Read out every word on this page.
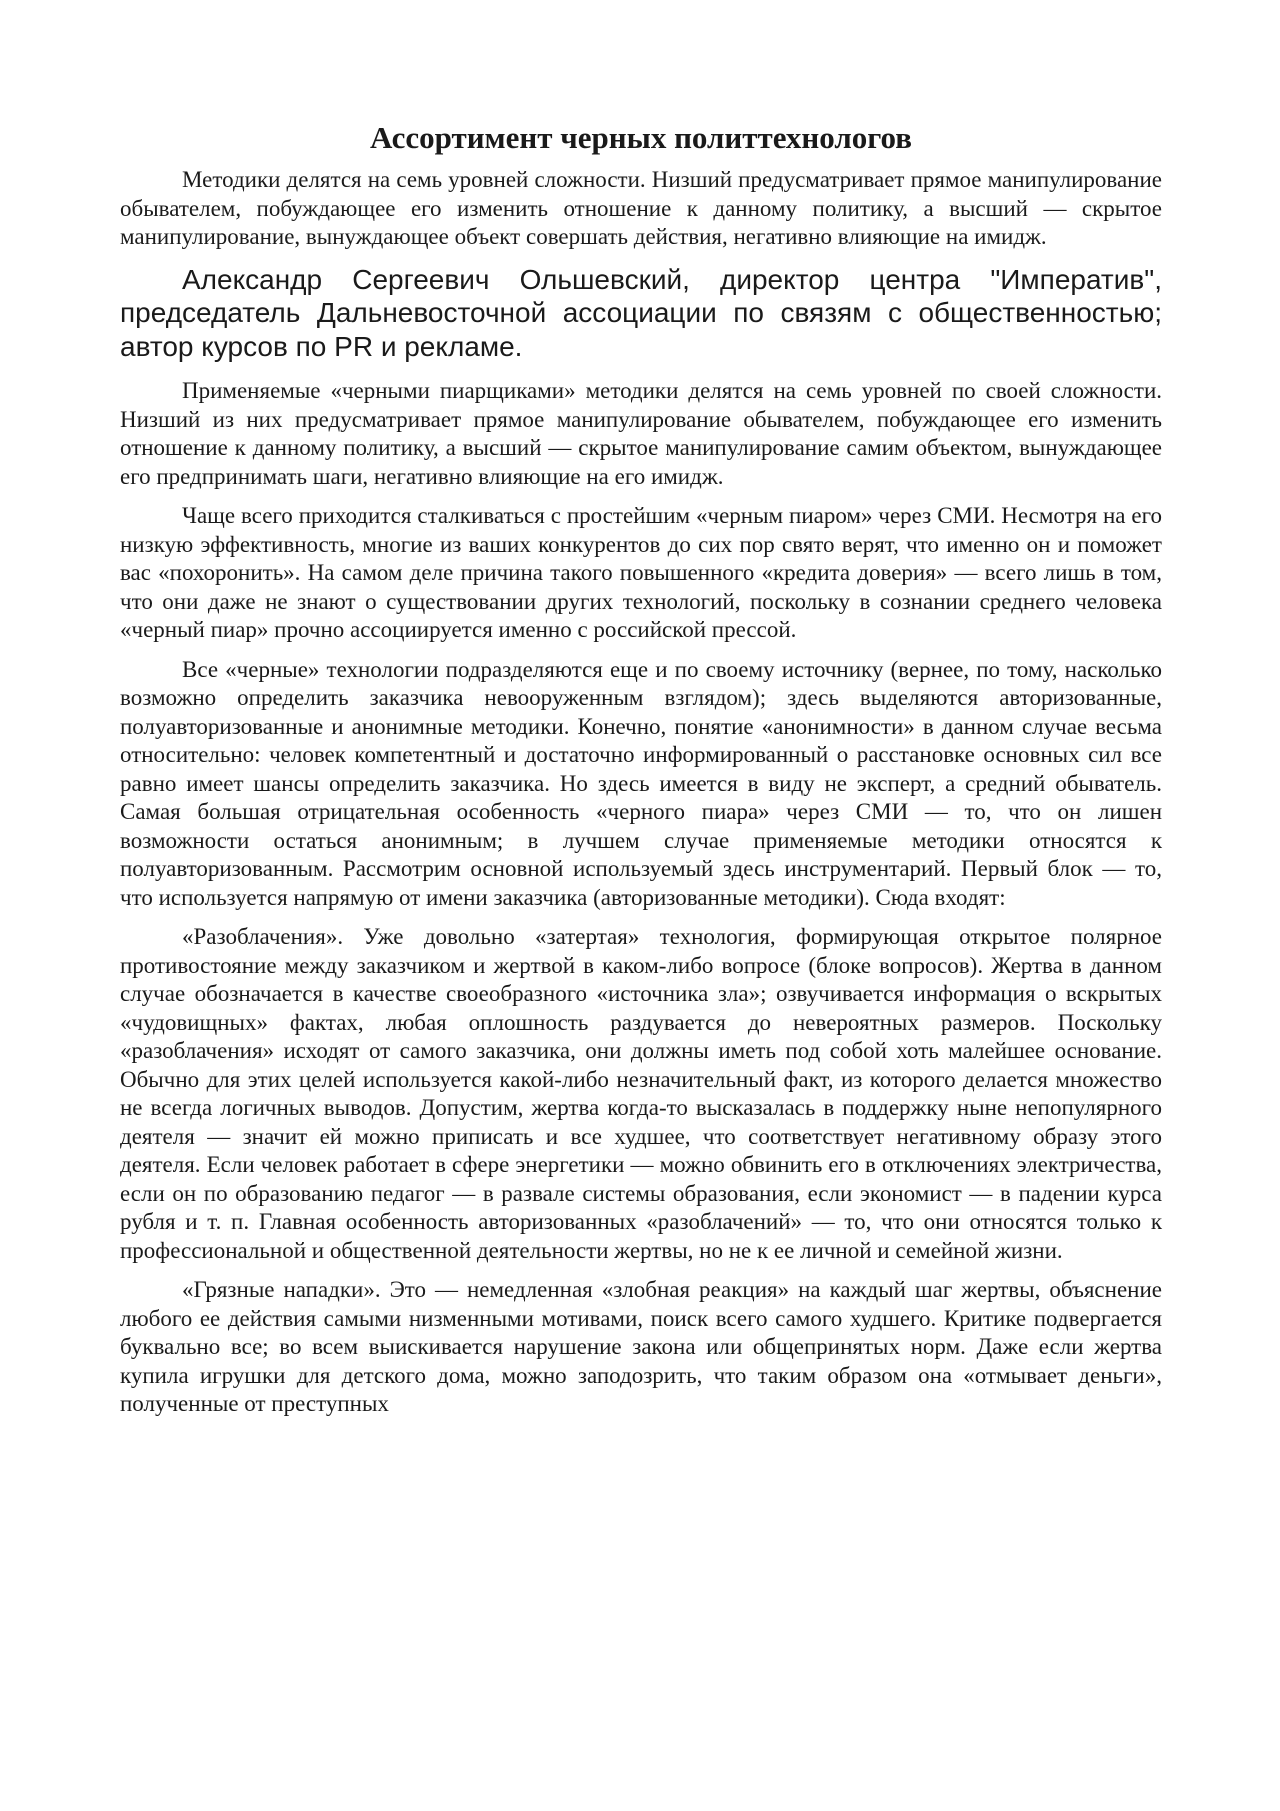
Ассортимент черных политтехнологов

Методики делятся на семь уровней сложности. Низший предусматривает прямое манипулирование обывателем, побуждающее его изменить отношение к данному политику, а высший — скрытое манипулирование, вынуждающее объект совершать действия, негативно влияющие на имидж.

Александр Сергеевич Ольшевский, директор центра "Императив", председатель Дальневосточной ассоциации по связям с общественностью; автор курсов по PR и рекламе.

Применяемые «черными пиарщиками» методики делятся на семь уровней по своей сложности. Низший из них предусматривает прямое манипулирование обывателем, побуждающее его изменить отношение к данному политику, а высший — скрытое манипулирование самим объектом, вынуждающее его предпринимать шаги, негативно влияющие на его имидж.

Чаще всего приходится сталкиваться с простейшим «черным пиаром» через СМИ. Несмотря на его низкую эффективность, многие из ваших конкурентов до сих пор свято верят, что именно он и поможет вас «похоронить». На самом деле причина такого повышенного «кредита доверия» — всего лишь в том, что они даже не знают о существовании других технологий, поскольку в сознании среднего человека «черный пиар» прочно ассоциируется именно с российской прессой.

Все «черные» технологии подразделяются еще и по своему источнику (вернее, по тому, насколько возможно определить заказчика невооруженным взглядом); здесь выделяются авторизованные, полуавторизованные и анонимные методики. Конечно, понятие «анонимности» в данном случае весьма относительно: человек компетентный и достаточно информированный о расстановке основных сил все равно имеет шансы определить заказчика. Но здесь имеется в виду не эксперт, а средний обыватель. Самая большая отрицательная особенность «черного пиара» через СМИ — то, что он лишен возможности остаться анонимным; в лучшем случае применяемые методики относятся к полуавторизованным. Рассмотрим основной используемый здесь инструментарий. Первый блок — то, что используется напрямую от имени заказчика (авторизованные методики). Сюда входят:

«Разоблачения». Уже довольно «затертая» технология, формирующая открытое полярное противостояние между заказчиком и жертвой в каком-либо вопросе (блоке вопросов). Жертва в данном случае обозначается в качестве своеобразного «источника зла»; озвучивается информация о вскрытых «чудовищных» фактах, любая оплошность раздувается до невероятных размеров. Поскольку «разоблачения» исходят от самого заказчика, они должны иметь под собой хоть малейшее основание. Обычно для этих целей используется какой-либо незначительный факт, из которого делается множество не всегда логичных выводов. Допустим, жертва когда-то высказалась в поддержку ныне непопулярного деятеля — значит ей можно приписать и все худшее, что соответствует негативному образу этого деятеля. Если человек работает в сфере энергетики — можно обвинить его в отключениях электричества, если он по образованию педагог — в развале системы образования, если экономист — в падении курса рубля и т. п. Главная особенность авторизованных «разоблачений» — то, что они относятся только к профессиональной и общественной деятельности жертвы, но не к ее личной и семейной жизни.

«Грязные нападки». Это — немедленная «злобная реакция» на каждый шаг жертвы, объяснение любого ее действия самыми низменными мотивами, поиск всего самого худшего. Критике подвергается буквально все; во всем выискивается нарушение закона или общепринятых норм. Даже если жертва купила игрушки для детского дома, можно заподозрить, что таким образом она «отмывает деньги», полученные от преступных
